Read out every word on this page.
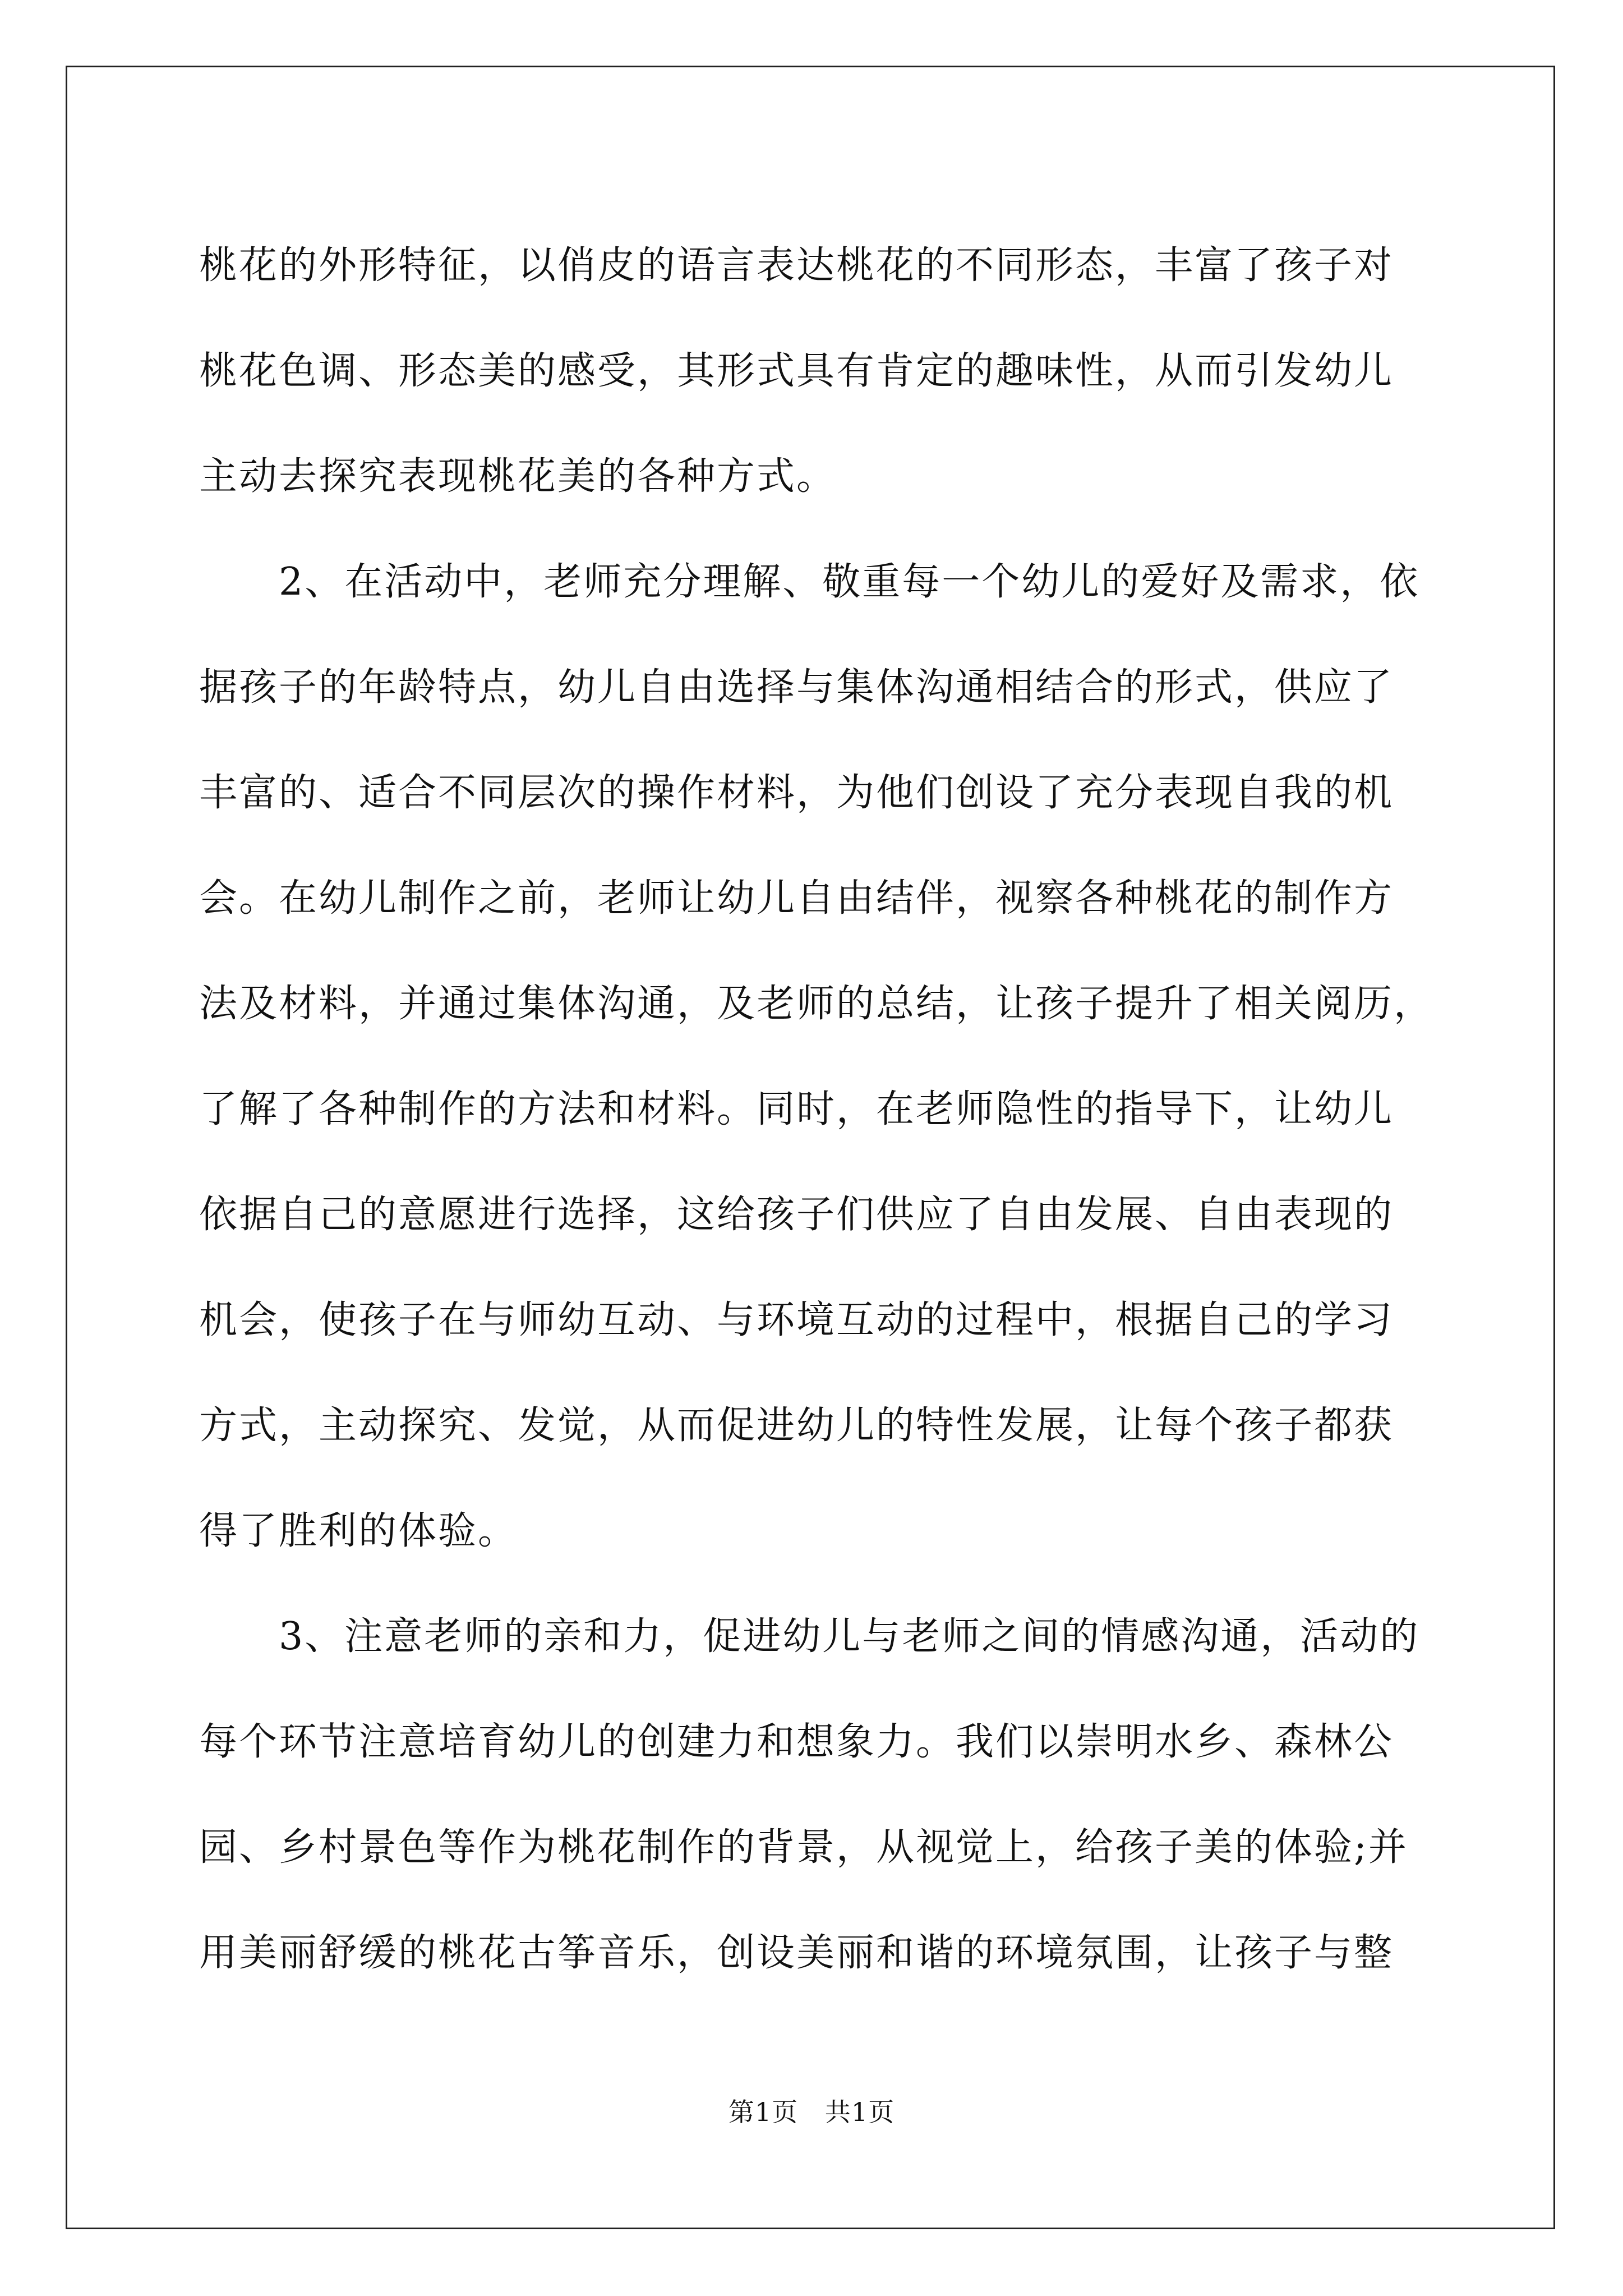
桃花的外形特征，以俏皮的语言表达桃花的不同形态，丰富了孩子对
桃花色调、形态美的感受，其形式具有肯定的趣味性，从而引发幼儿
主动去探究表现桃花美的各种方式。
　　2、在活动中，老师充分理解、敬重每一个幼儿的爱好及需求，依
据孩子的年龄特点，幼儿自由选择与集体沟通相结合的形式，供应了
丰富的、适合不同层次的操作材料，为他们创设了充分表现自我的机
会。在幼儿制作之前，老师让幼儿自由结伴，视察各种桃花的制作方
法及材料，并通过集体沟通，及老师的总结，让孩子提升了相关阅历，
了解了各种制作的方法和材料。同时，在老师隐性的指导下，让幼儿
依据自己的意愿进行选择，这给孩子们供应了自由发展、自由表现的
机会，使孩子在与师幼互动、与环境互动的过程中，根据自己的学习
方式，主动探究、发觉，从而促进幼儿的特性发展，让每个孩子都获
得了胜利的体验。
　　3、注意老师的亲和力，促进幼儿与老师之间的情感沟通，活动的
每个环节注意培育幼儿的创建力和想象力。我们以崇明水乡、森林公
园、乡村景色等作为桃花制作的背景，从视觉上，给孩子美的体验;并
用美丽舒缓的桃花古筝音乐，创设美丽和谐的环境氛围，让孩子与整
第1页 共1页
